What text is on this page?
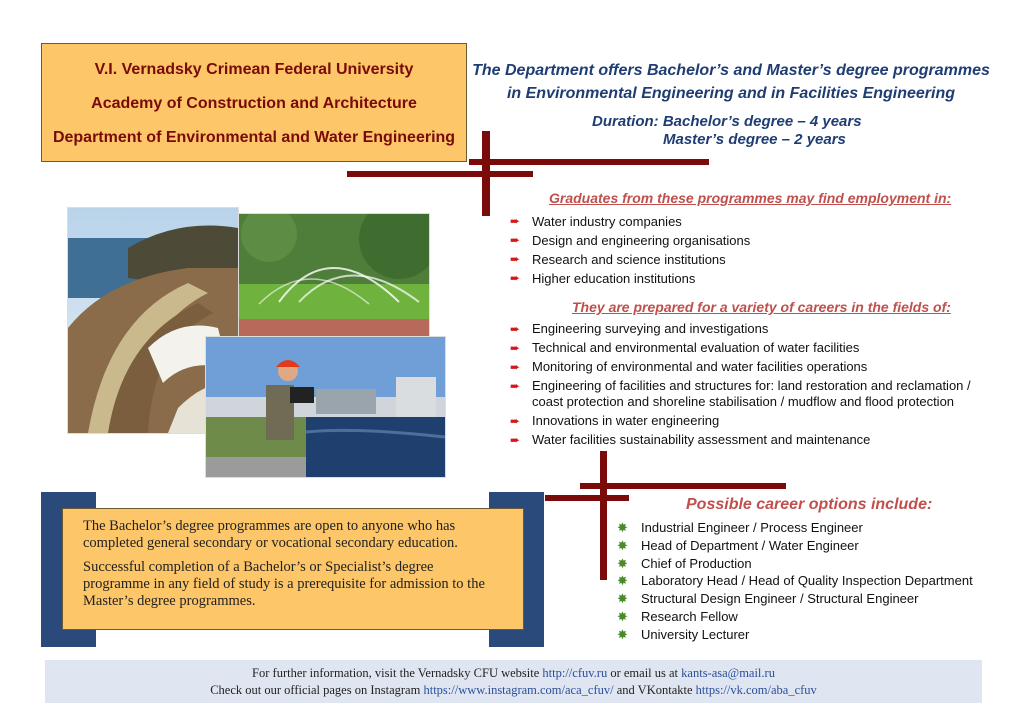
V.I. Vernadsky Crimean Federal University
Academy of Construction and Architecture
Department of Environmental and Water Engineering
The Department offers Bachelor’s and Master’s degree programmes
in Environmental Engineering and in Facilities Engineering
Duration: Bachelor’s degree – 4 years
Master’s degree – 2 years
Graduates from these programmes may find employment in:
➨ Water industry companies
➨ Design and engineering organisations
➨ Research and science institutions
➨ Higher education institutions
They are prepared for a variety of careers in the fields of:
➨ Engineering surveying and investigations
➨ Technical and environmental evaluation of water facilities
➨ Monitoring of environmental and water facilities operations
➨ Engineering of facilities and structures for: land restoration and reclamation / coast protection and shoreline stabilisation / mudflow and flood protection
➨ Innovations in water engineering
➨ Water facilities sustainability assessment and maintenance
Possible career options include:
✸ Industrial Engineer / Process Engineer
✸ Head of Department / Water Engineer
✸ Chief of Production
✸ Laboratory Head / Head of Quality Inspection Department
✸ Structural Design Engineer / Structural Engineer
✸ Research Fellow
✸ University Lecturer

The Bachelor’s degree programmes are open to anyone who has completed general secondary or vocational secondary education.

Successful completion of a Bachelor’s or Specialist’s degree programme in any field of study is a prerequisite for admission to the Master’s degree programmes.

For further information, visit the Vernadsky CFU website http://cfuv.ru or email us at kants-asa@mail.ru
Check out our official pages on Instagram https://www.instagram.com/aca_cfuv/ and VKontakte https://vk.com/aba_cfuv
